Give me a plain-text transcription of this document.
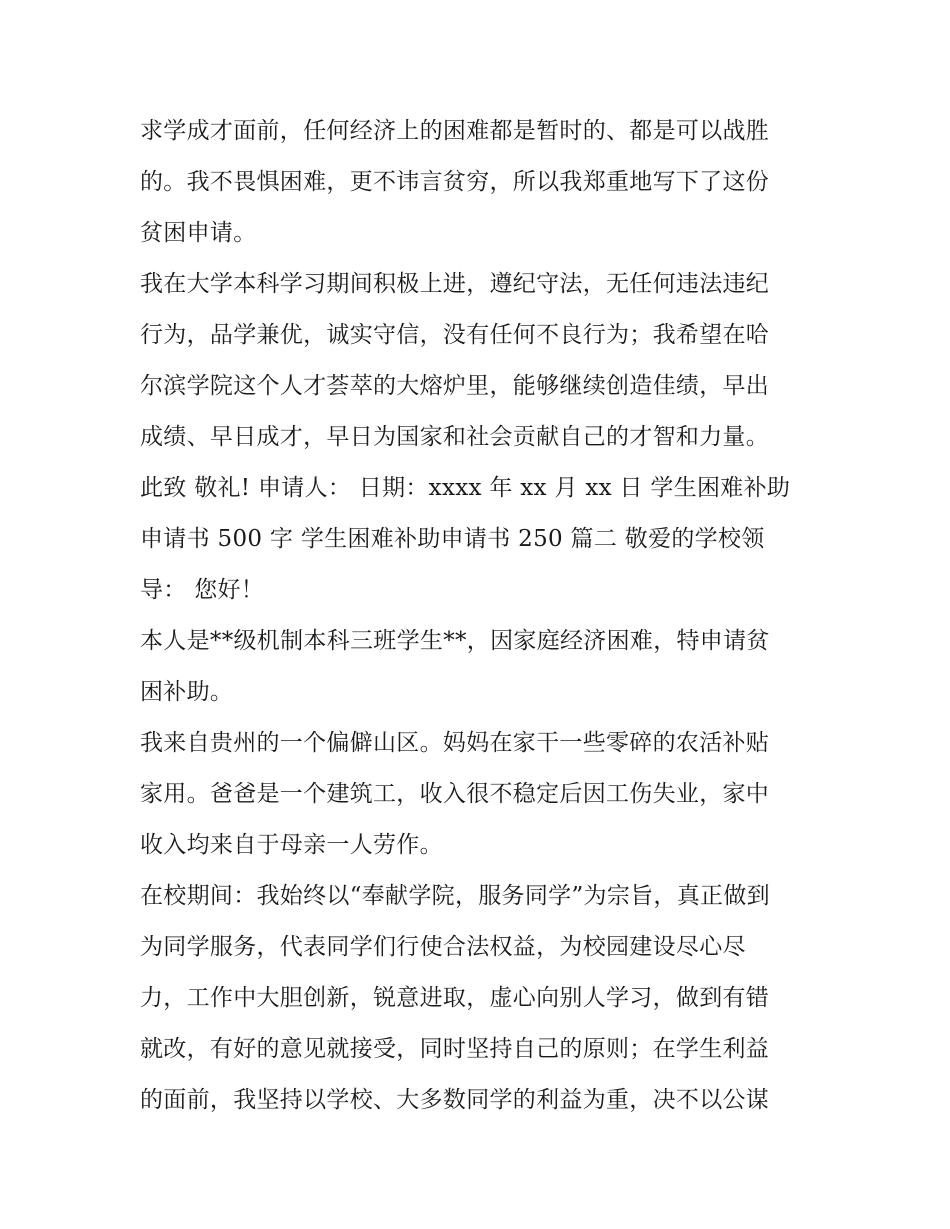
求学成才面前，任何经济上的困难都是暂时的、都是可以战胜
的。我不畏惧困难，更不讳言贫穷，所以我郑重地写下了这份
贫困申请。
我在大学本科学习期间积极上进，遵纪守法，无任何违法违纪
行为，品学兼优，诚实守信，没有任何不良行为；我希望在哈
尔滨学院这个人才荟萃的大熔炉里，能够继续创造佳绩，早出
成绩、早日成才，早日为国家和社会贡献自己的才智和力量。
此致 敬礼! 申请人： 日期：xxxx 年 xx 月 xx 日 学生困难补助
申请书 500 字 学生困难补助申请书 250 篇二 敬爱的学校领
导： 您好！
本人是**级机制本科三班学生**，因家庭经济困难，特申请贫
困补助。
我来自贵州的一个偏僻山区。妈妈在家干一些零碎的农活补贴
家用。爸爸是一个建筑工，收入很不稳定后因工伤失业，家中
收入均来自于母亲一人劳作。
在校期间：我始终以“奉献学院，服务同学”为宗旨，真正做到
为同学服务，代表同学们行使合法权益，为校园建设尽心尽
力，工作中大胆创新，锐意进取，虚心向别人学习，做到有错
就改，有好的意见就接受，同时坚持自己的原则；在学生利益
的面前，我坚持以学校、大多数同学的利益为重，决不以公谋
